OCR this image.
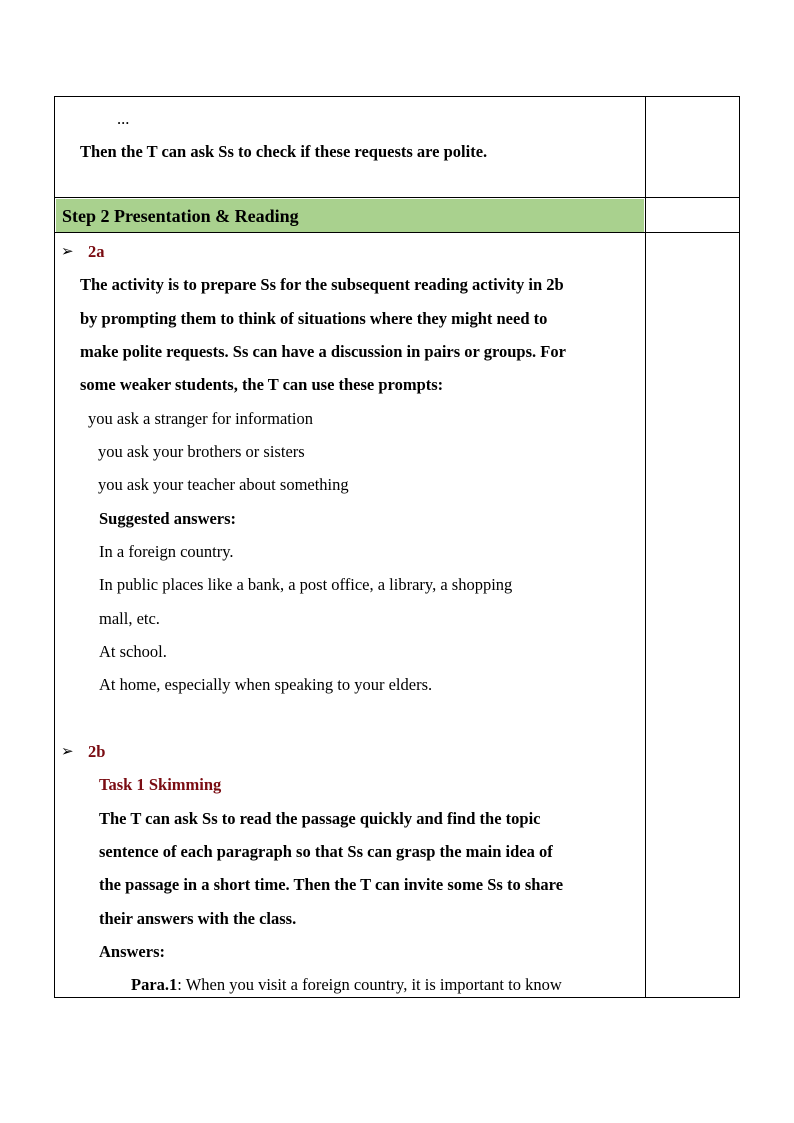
...
Then the T can ask Ss to check if these requests are polite.
Step 2 Presentation & Reading
➢ 2a
The activity is to prepare Ss for the subsequent reading activity in 2b
by prompting them to think of situations where they might need to
make polite requests. Ss can have a discussion in pairs or groups. For
some weaker students, the T can use these prompts:
you ask a stranger for information
you ask your brothers or sisters
you ask your teacher about something
Suggested answers:
In a foreign country.
In public places like a bank, a post office, a library, a shopping
mall, etc.
At school.
At home, especially when speaking to your elders.
➢ 2b
Task 1 Skimming
The T can ask Ss to read the passage quickly and find the topic
sentence of each paragraph so that Ss can grasp the main idea of
the passage in a short time. Then the T can invite some Ss to share
their answers with the class.
Answers:
Para.1: When you visit a foreign country, it is important to know
